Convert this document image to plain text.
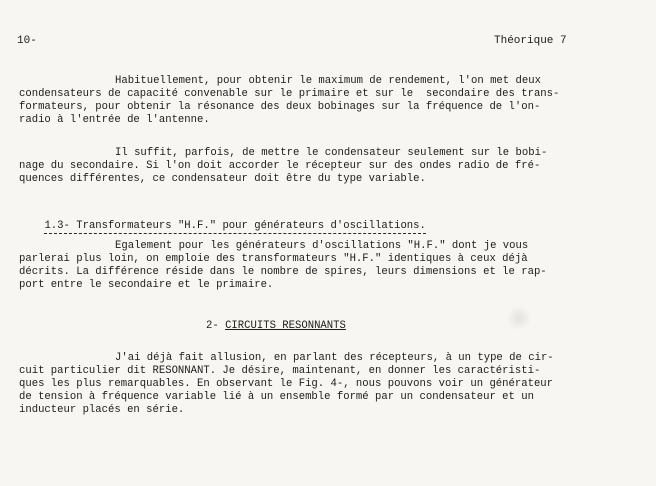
10-	Théorique 7
Habituellement, pour obtenir le maximum de rendement, l'on met deux
condensateurs de capacité convenable sur le primaire et sur le  secondaire des trans-
formateurs, pour obtenir la résonance des deux bobinages sur la fréquence de l'on-
radio à l'entrée de l'antenne.
Il suffit, parfois, de mettre le condensateur seulement sur le bobi-
nage du secondaire. Si l'on doit accorder le récepteur sur des ondes radio de fré-
quences différentes, ce condensateur doit être du type variable.

1.3- Transformateurs "H.F." pour générateurs d'oscillations.

Egalement pour les générateurs d'oscillations "H.F." dont je vous
parlerai plus loin, on emploie des transformateurs "H.F." identiques à ceux déjà
décrits. La différence réside dans le nombre de spires, leurs dimensions et le rap-
port entre le secondaire et le primaire.
2- CIRCUITS RESONNANTS
J'ai déjà fait allusion, en parlant des récepteurs, à un type de cir-
cuit particulier dit RESONNANT. Je désire, maintenant, en donner les caractéristi-
ques les plus remarquables. En observant le Fig. 4-, nous pouvons voir un générateur
de tension à fréquence variable lié à un ensemble formé par un condensateur et un
inducteur placés en série.
